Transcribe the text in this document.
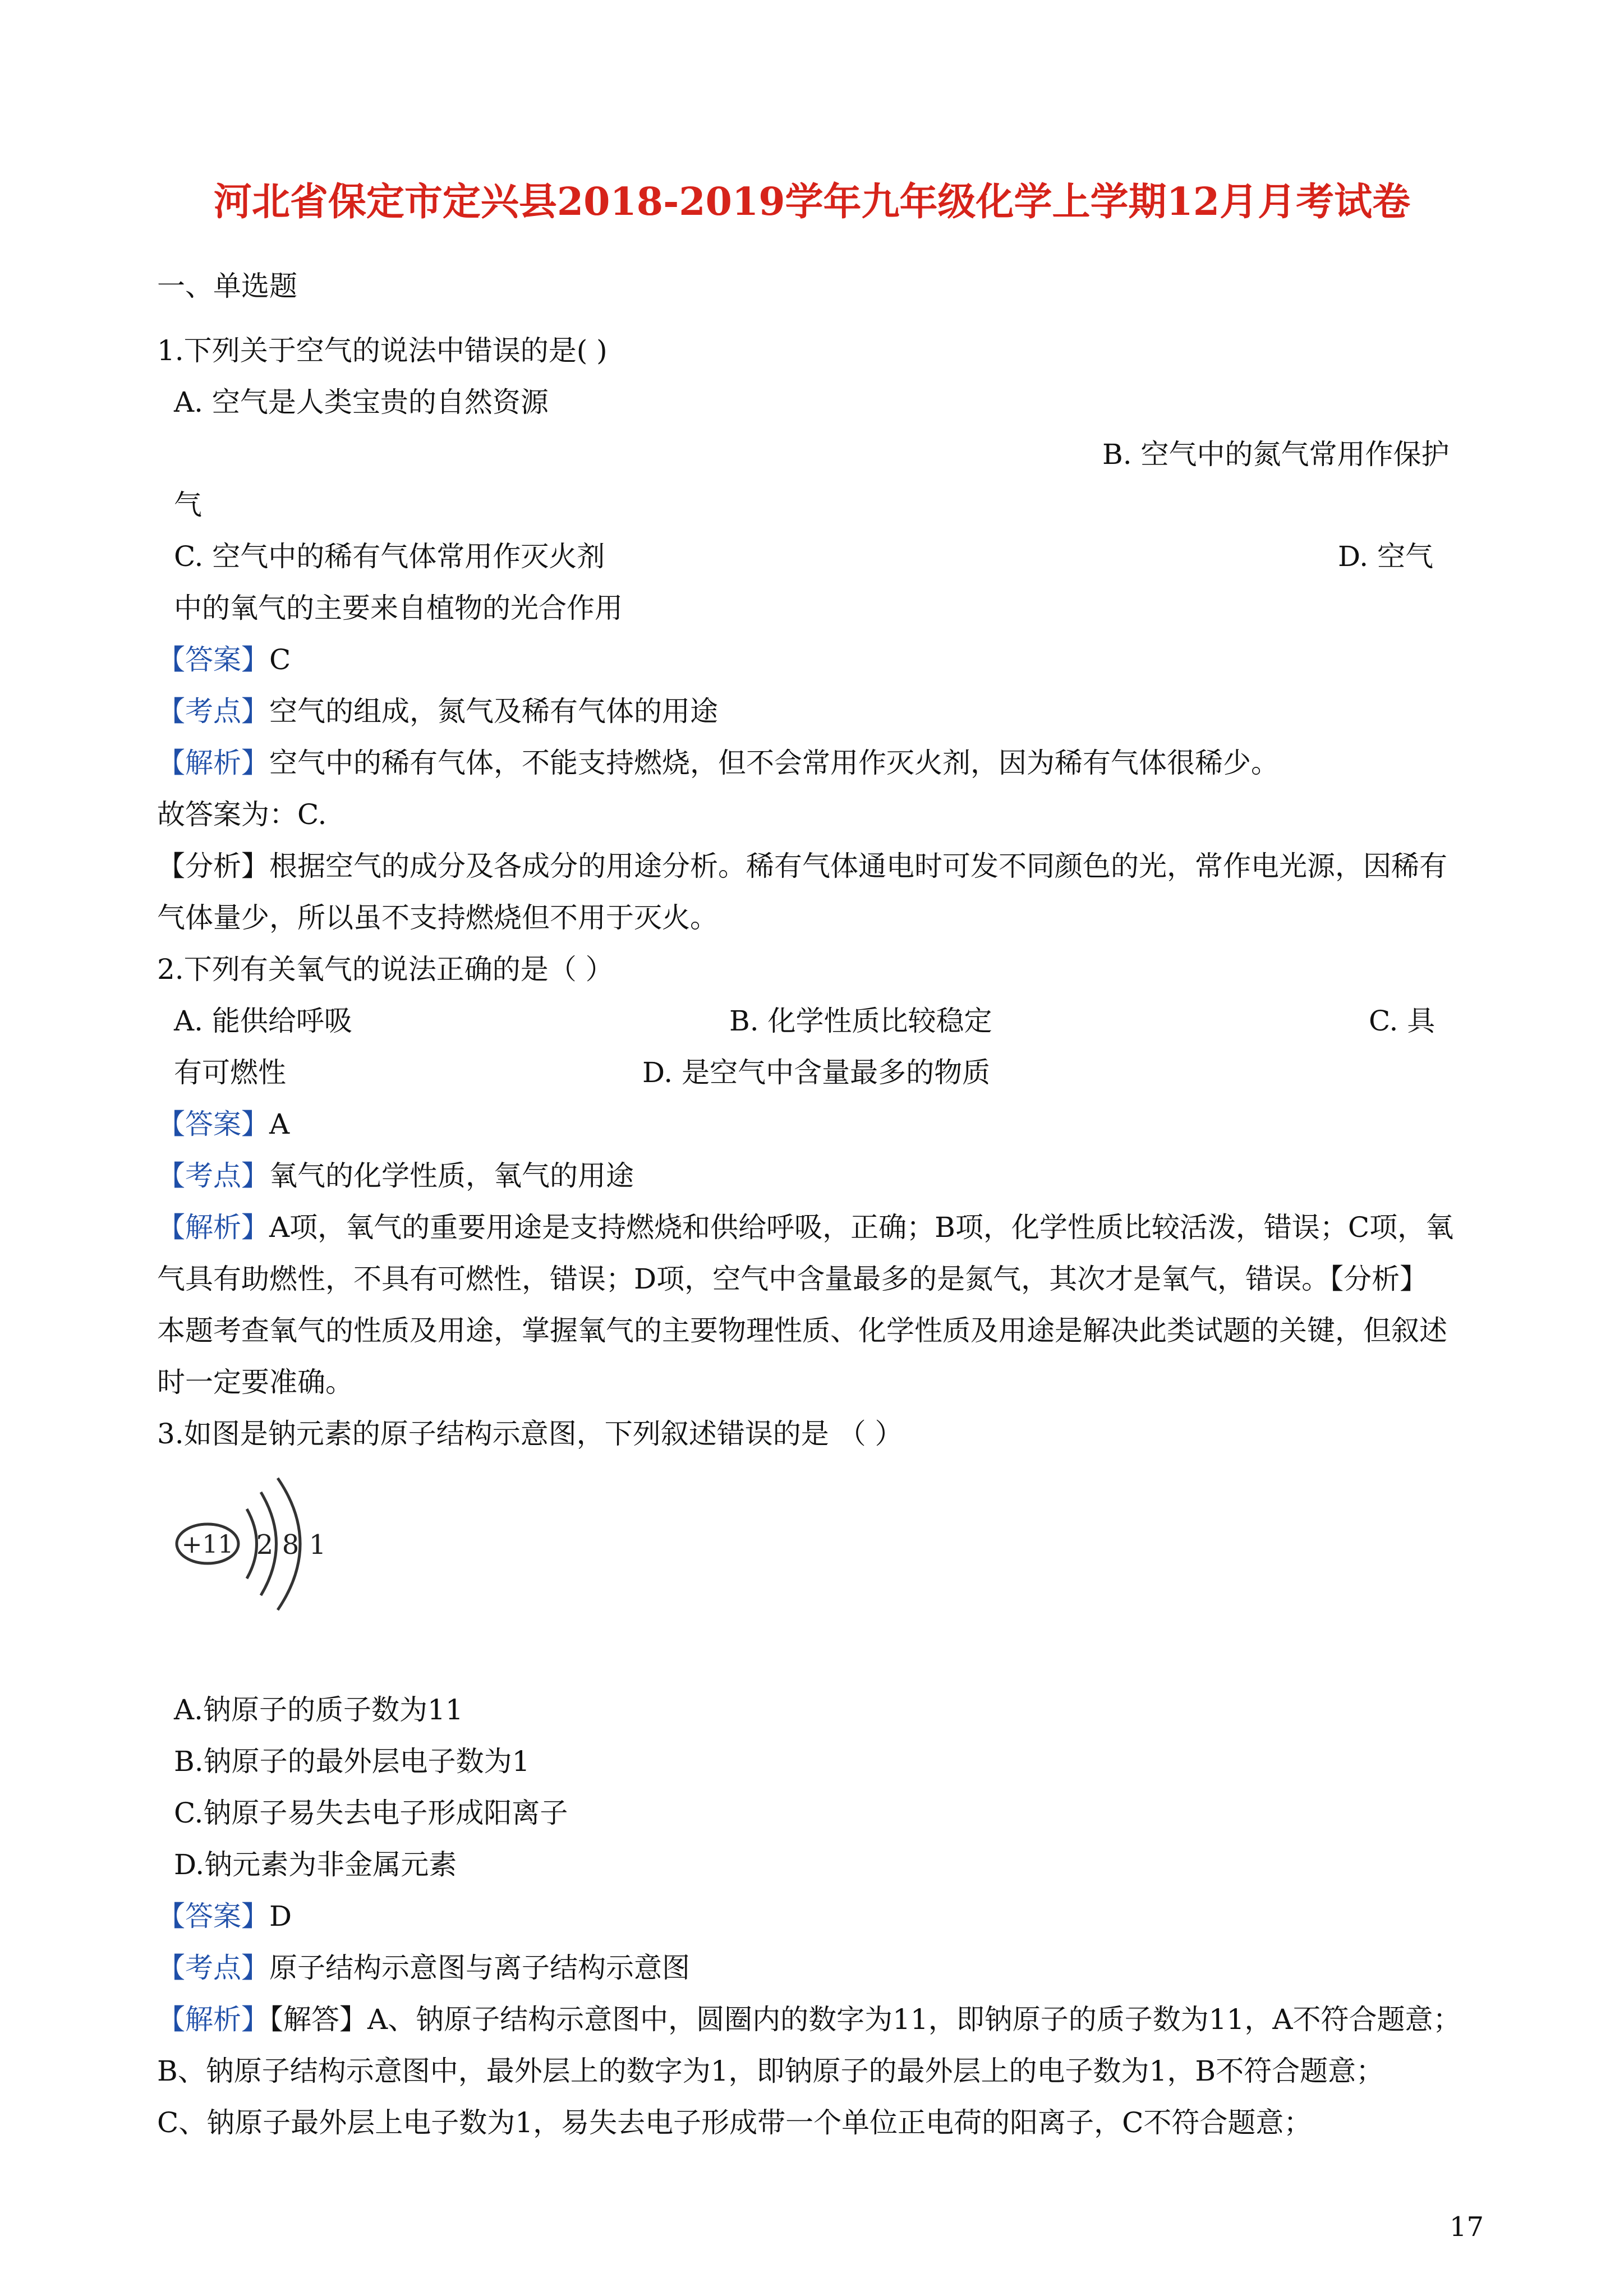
河北省保定市定兴县2018-2019学年九年级化学上学期12月月考试卷
一、单选题
1.下列关于空气的说法中错误的是( )
A. 空气是人类宝贵的自然资源
B. 空气中的氮气常用作保护
气
C. 空气中的稀有气体常用作灭火剂	D. 空气
中的氧气的主要来自植物的光合作用
【答案】C
【考点】空气的组成，氮气及稀有气体的用途
【解析】空气中的稀有气体，不能支持燃烧，但不会常用作灭火剂，因为稀有气体很稀少。
故答案为：C.
【分析】根据空气的成分及各成分的用途分析。稀有气体通电时可发不同颜色的光，常作电光源，因稀有
气体量少，所以虽不支持燃烧但不用于灭火。
2.下列有关氧气的说法正确的是（ ）
A. 能供给呼吸	B. 化学性质比较稳定	C. 具
有可燃性	D. 是空气中含量最多的物质
【答案】A
【考点】氧气的化学性质，氧气的用途
【解析】A项，氧气的重要用途是支持燃烧和供给呼吸，正确；B项，化学性质比较活泼，错误；C项，氧
气具有助燃性，不具有可燃性，错误；D项，空气中含量最多的是氮气，其次才是氧气，错误。【分析】
本题考查氧气的性质及用途，掌握氧气的主要物理性质、化学性质及用途是解决此类试题的关键，但叙述
时一定要准确。
3.如图是钠元素的原子结构示意图，下列叙述错误的是 （ ）
+11 2 8 1
A.钠原子的质子数为11
B.钠原子的最外层电子数为1
C.钠原子易失去电子形成阳离子
D.钠元素为非金属元素
【答案】D
【考点】原子结构示意图与离子结构示意图
【解析】【解答】A、钠原子结构示意图中，圆圈内的数字为11，即钠原子的质子数为11，A不符合题意；
B、钠原子结构示意图中，最外层上的数字为1，即钠原子的最外层上的电子数为1，B不符合题意；
C、钠原子最外层上电子数为1，易失去电子形成带一个单位正电荷的阳离子，C不符合题意；
17
